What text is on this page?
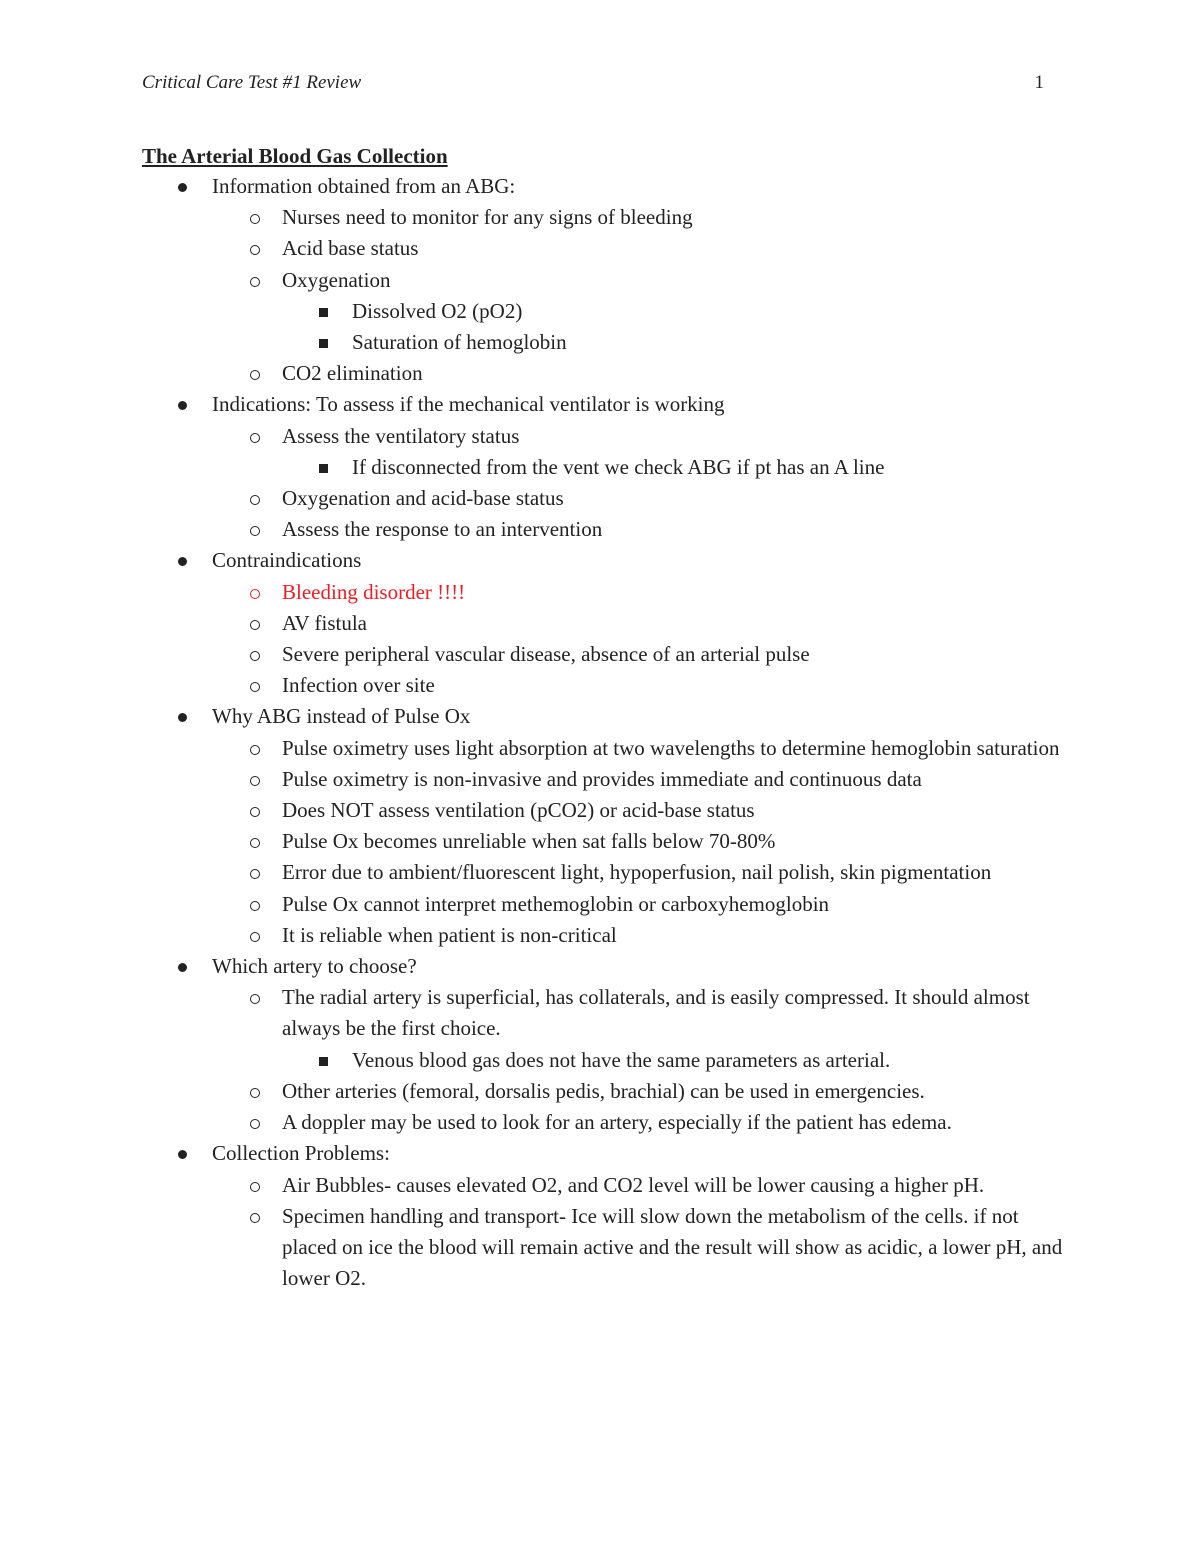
Critical Care Test #1 Review	1
The Arterial Blood Gas Collection
Information obtained from an ABG:
Nurses need to monitor for any signs of bleeding
Acid base status
Oxygenation
Dissolved O2 (pO2)
Saturation of hemoglobin
CO2 elimination
Indications: To assess if the mechanical ventilator is working
Assess the ventilatory status
If disconnected from the vent we check ABG if pt has an A line
Oxygenation and acid-base status
Assess the response to an intervention
Contraindications
Bleeding disorder !!!!
AV fistula
Severe peripheral vascular disease, absence of an arterial pulse
Infection over site
Why ABG instead of Pulse Ox
Pulse oximetry uses light absorption at two wavelengths to determine hemoglobin saturation
Pulse oximetry is non-invasive and provides immediate and continuous data
Does NOT assess ventilation (pCO2) or acid-base status
Pulse Ox becomes unreliable when sat falls below 70-80%
Error due to ambient/fluorescent light, hypoperfusion, nail polish, skin pigmentation
Pulse Ox cannot interpret methemoglobin or carboxyhemoglobin
It is reliable when patient is non-critical
Which artery to choose?
The radial artery is superficial, has collaterals, and is easily compressed. It should almost always be the first choice.
Venous blood gas does not have the same parameters as arterial.
Other arteries (femoral, dorsalis pedis, brachial) can be used in emergencies.
A doppler may be used to look for an artery, especially if the patient has edema.
Collection Problems:
Air Bubbles- causes elevated O2, and CO2 level will be lower causing a higher pH.
Specimen handling and transport- Ice will slow down the metabolism of the cells. if not placed on ice the blood will remain active and the result will show as acidic, a lower pH, and lower O2.
